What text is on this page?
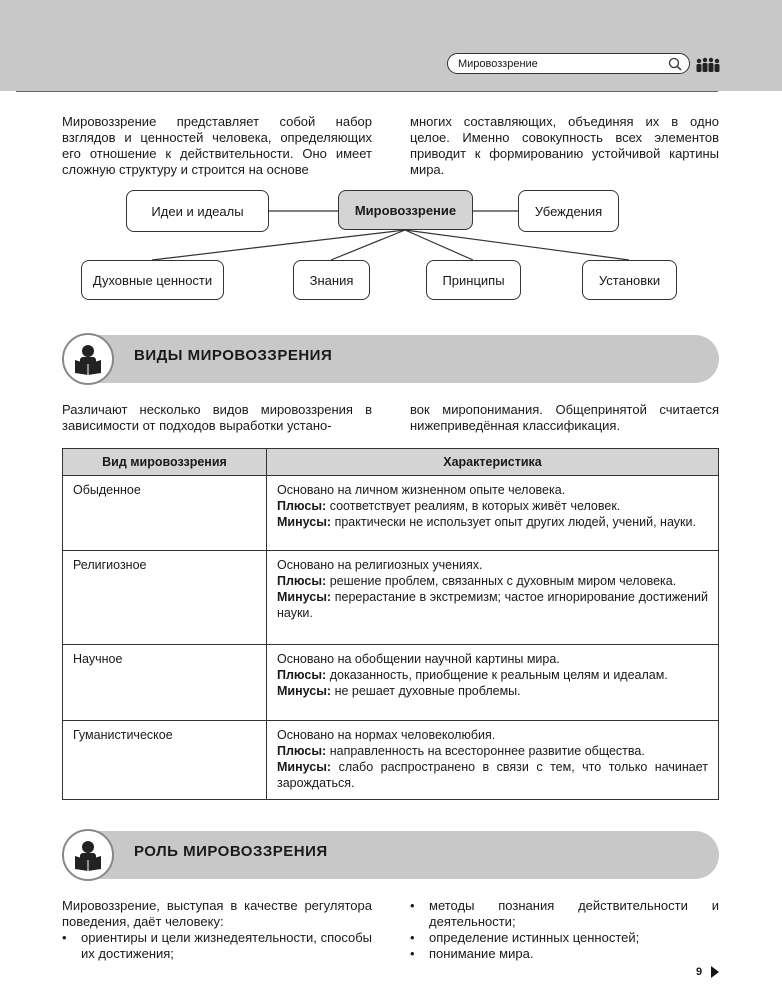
Мировоззрение

Мировоззрение представляет собой набор взглядов и ценностей человека, определяющих его отношение к действительности. Оно имеет сложную структуру и строится на основе

многих составляющих, объединяя их в одно целое. Именно совокупность всех элементов приводит к формированию устойчивой картины мира.

Идеи и идеалы	Мировоззрение	Убеждения
Духовные ценности	Знания	Принципы	Установки
ВИДЫ МИРОВОЗЗРЕНИЯ

Различают несколько видов мировоззрения в зависимости от подходов выработки устано-

вок миропонимания. Общепринятой считается нижеприведённая классификация.

Вид мировоззрения	Характеристика
Обыденное	Основано на личном жизненном опыте человека.
Плюсы: соответствует реалиям, в которых живёт человек.
Минусы: практически не использует опыт других людей, учений, науки.

Религиозное	Основано на религиозных учениях.
Плюсы: решение проблем, связанных с духовным миром человека.
Минусы: перерастание в экстремизм; частое игнорирование достижений науки.

Научное	Основано на обобщении научной картины мира.
Плюсы: доказанность, приобщение к реальным целям и идеалам.
Минусы: не решает духовные проблемы.

Гуманистическое	Основано на нормах человеколюбия.
Плюсы: направленность на всестороннее развитие общества.
Минусы: слабо распространено в связи с тем, что только начинает зарождаться.
РОЛЬ МИРОВОЗЗРЕНИЯ

Мировоззрение, выступая в качестве регулятора поведения, даёт человеку:

• ориентиры и цели жизнедеятельности, способы их достижения;
• методы познания действительности и деятельности;
• определение истинных ценностей;
• понимание мира.
9
